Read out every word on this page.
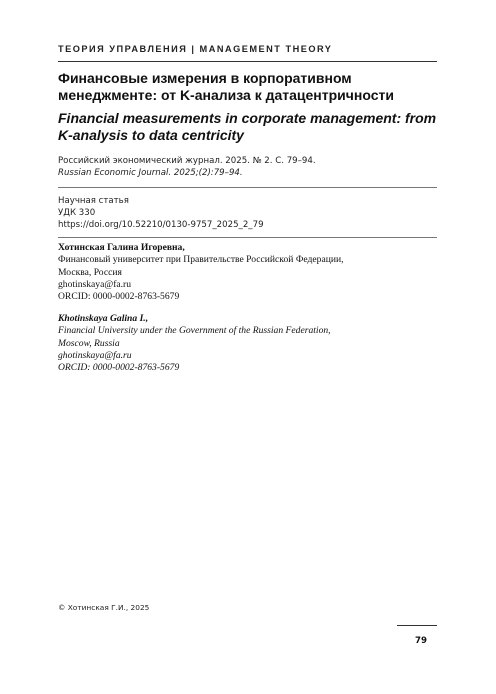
ТЕОРИЯ УПРАВЛЕНИЯ | MANAGEMENT THEORY
Финансовые измерения в корпоративном менеджменте: от K-анализа к датацентричности
Financial measurements in corporate management: from K-analysis to data centricity
Российский экономический журнал. 2025. № 2. С. 79–94.
Russian Economic Journal. 2025;(2):79–94.
Научная статья
УДК 330
https://doi.org/10.52210/0130-9757_2025_2_79
Хотинская Галина Игоревна,
Финансовый университет при Правительстве Российской Федерации,
Москва, Россия
ghotinskaya@fa.ru
ORCID: 0000-0002-8763-5679
Khotinskaya Galina I.,
Financial University under the Government of the Russian Federation,
Moscow, Russia
ghotinskaya@fa.ru
ORCID: 0000-0002-8763-5679
© Хотинская Г.И., 2025
79
